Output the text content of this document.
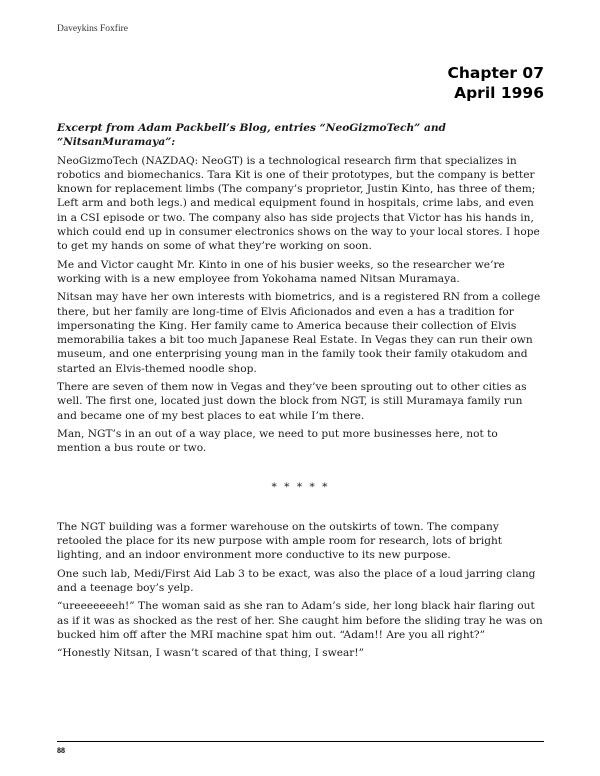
Daveykins Foxfire
Chapter 07
April 1996

Excerpt from Adam Packbell’s Blog, entries “NeoGizmoTech” and “NitsanMuramaya”:

NeoGizmoTech (NAZDAQ: NeoGT) is a technological research firm that specializes in robotics and biomechanics. Tara Kit is one of their prototypes, but the company is better known for replacement limbs (The company’s proprietor, Justin Kinto, has three of them; Left arm and both legs.) and medical equipment found in hospitals, crime labs, and even in a CSI episode or two. The company also has side projects that Victor has his hands in, which could end up in consumer electronics shows on the way to your local stores. I hope to get my hands on some of what they’re working on soon.

Me and Victor caught Mr. Kinto in one of his busier weeks, so the researcher we’re working with is a new employee from Yokohama named Nitsan Muramaya.

Nitsan may have her own interests with biometrics, and is a registered RN from a college there, but her family are long-time of Elvis Aficionados and even a has a tradition for impersonating the King. Her family came to America because their collection of Elvis memorabilia takes a bit too much Japanese Real Estate. In Vegas they can run their own museum, and one enterprising young man in the family took their family otakudom and started an Elvis-themed noodle shop.

There are seven of them now in Vegas and they’ve been sprouting out to other cities as well. The first one, located just down the block from NGT, is still Muramaya family run and became one of my best places to eat while I’m there.

Man, NGT’s in an out of a way place, we need to put more businesses here, not to mention a bus route or two.

* * * * *

The NGT building was a former warehouse on the outskirts of town. The company retooled the place for its new purpose with ample room for research, lots of bright lighting, and an indoor environment more conductive to its new purpose.

One such lab, Medi/First Aid Lab 3 to be exact, was also the place of a loud jarring clang and a teenage boy’s yelp.

“ureeeeeeeh!” The woman said as she ran to Adam’s side, her long black hair flaring out as if it was as shocked as the rest of her. She caught him before the sliding tray he was on bucked him off after the MRI machine spat him out. “Adam!! Are you all right?”

“Honestly Nitsan, I wasn’t scared of that thing, I swear!”

88
